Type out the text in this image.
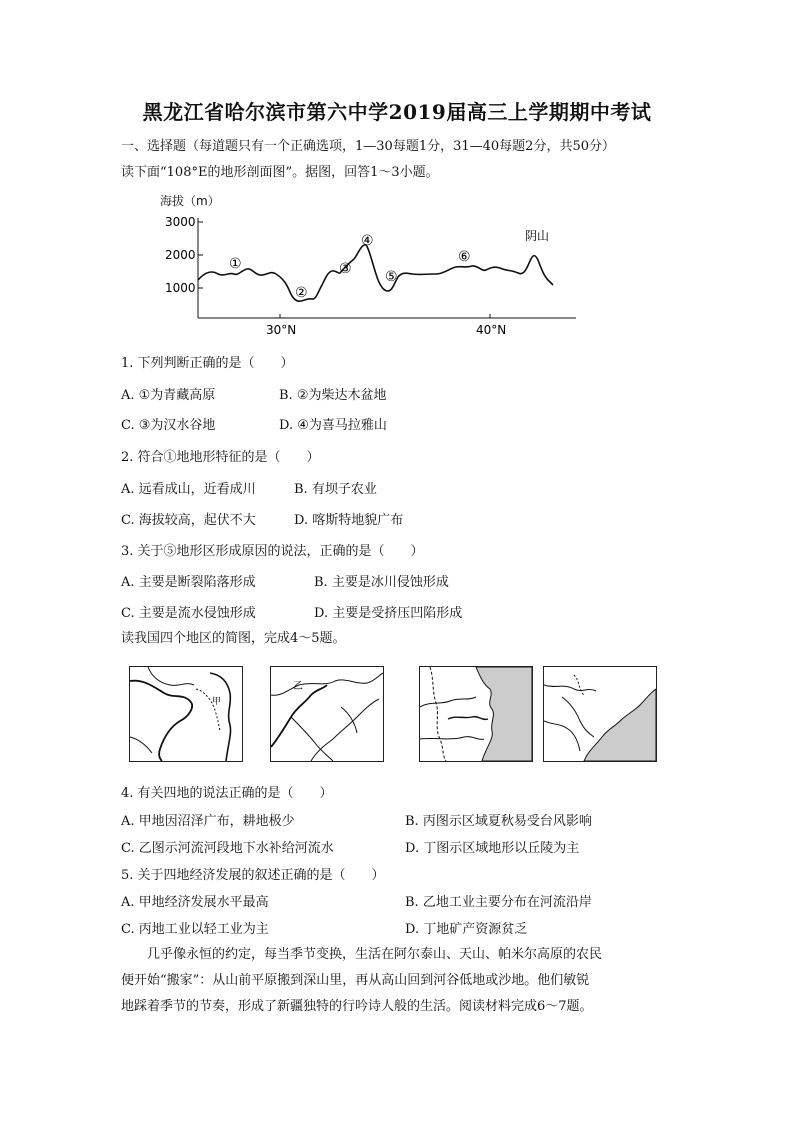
黑龙江省哈尔滨市第六中学2019届高三上学期期中考试
一、选择题（每道题只有一个正确选项，1—30每题1分，31—40每题2分，共50分）
读下面“108°E的地形剖面图”。据图，回答1～3小题。
海拔（m）
3000
2000
1000
30°N	40°N
①
②
③
④
⑤
⑥
阴山
1. 下列判断正确的是（　　）
A. ①为青藏高原	B. ②为柴达木盆地
C. ③为汉水谷地	D. ④为喜马拉雅山
2. 符合①地地形特征的是（　　）
A. 远看成山，近看成川	B. 有坝子农业
C. 海拔较高，起伏不大	D. 喀斯特地貌广布
3. 关于⑤地形区形成原因的说法，正确的是（　　）
A. 主要是断裂陷落形成	B. 主要是冰川侵蚀形成
C. 主要是流水侵蚀形成	D. 主要是受挤压凹陷形成
读我国四个地区的简图，完成4～5题。
甲
乙
4. 有关四地的说法正确的是（　　）
A. 甲地因沼泽广布，耕地极少	B. 丙图示区域夏秋易受台风影响
C. 乙图示河流河段地下水补给河流水	D. 丁图示区域地形以丘陵为主
5. 关于四地经济发展的叙述正确的是（　　）
A. 甲地经济发展水平最高	B. 乙地工业主要分布在河流沿岸
C. 丙地工业以轻工业为主	D. 丁地矿产资源贫乏
几乎像永恒的约定，每当季节变换，生活在阿尔泰山、天山、帕米尔高原的农民
便开始“搬家”：从山前平原搬到深山里，再从高山回到河谷低地或沙地。他们敏锐
地踩着季节的节奏，形成了新疆独特的行吟诗人般的生活。阅读材料完成6～7题。
